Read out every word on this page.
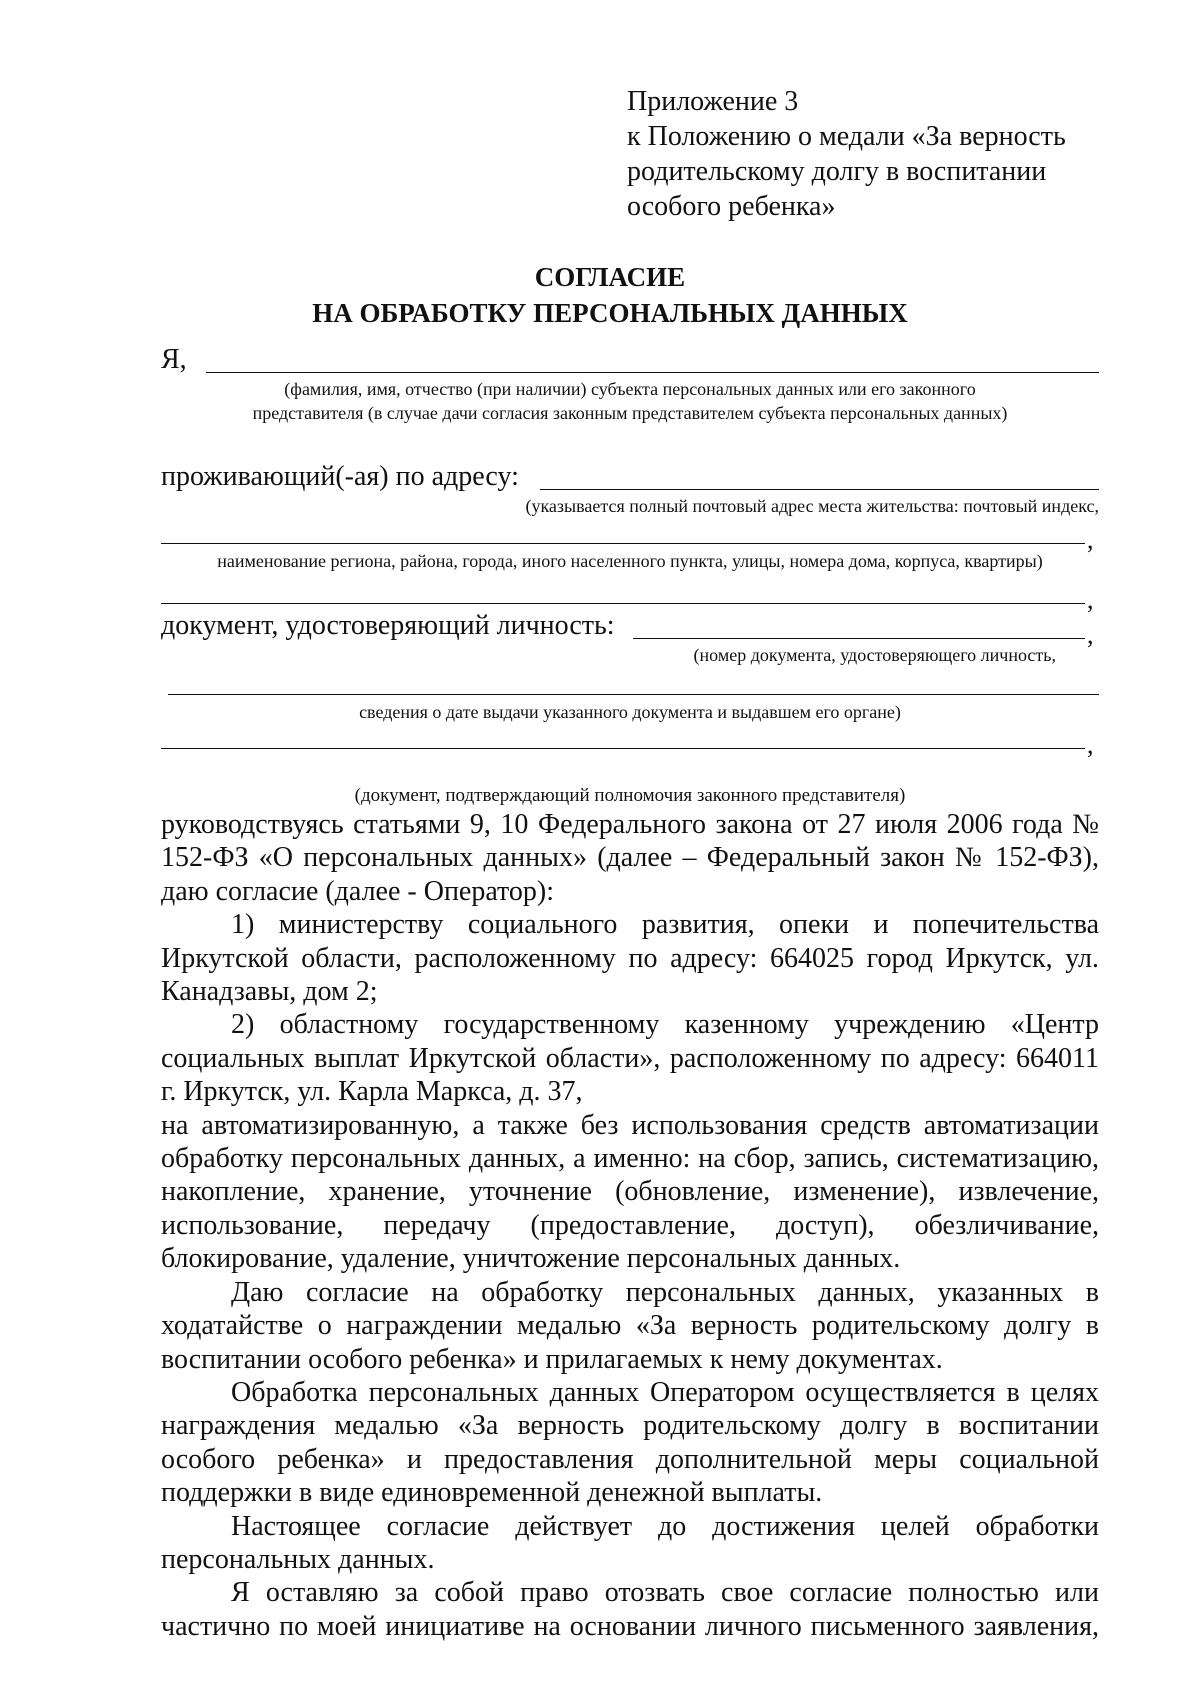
Приложение 3
к Положению о медали «За верность
родительскому долгу в воспитании
особого ребенка»
СОГЛАСИЕ
НА ОБРАБОТКУ ПЕРСОНАЛЬНЫХ ДАННЫХ
Я,
(фамилия, имя, отчество (при наличии) субъекта персональных данных или его законного
представителя (в случае дачи согласия законным представителем субъекта персональных данных)
проживающий(-ая) по адресу:
(указывается полный почтовый адрес места жительства: почтовый индекс,
,
наименование региона, района, города, иного населенного пункта, улицы, номера дома, корпуса, квартиры)
,
документ, удостоверяющий личность:	,
(номер документа, удостоверяющего личность,
сведения о дате выдачи указанного документа и выдавшем его органе)
,
(документ, подтверждающий полномочия законного представителя)

руководствуясь статьями 9, 10 Федерального закона от 27 июля 2006 года № 152-ФЗ «О персональных данных» (далее – Федеральный закон № 152-ФЗ), даю согласие (далее - Оператор):

1) министерству социального развития, опеки и попечительства Иркутской области, расположенному по адресу: 664025 город Иркутск, ул. Канадзавы, дом 2;

2) областному государственному казенному учреждению «Центр социальных выплат Иркутской области», расположенному по адресу: 664011 г. Иркутск, ул. Карла Маркса, д. 37,

на автоматизированную, а также без использования средств автоматизации обработку персональных данных, а именно: на сбор, запись, систематизацию, накопление, хранение, уточнение (обновление, изменение), извлечение, использование, передачу (предоставление, доступ), обезличивание, блокирование, удаление, уничтожение персональных данных.

Даю согласие на обработку персональных данных, указанных в ходатайстве о награждении медалью «За верность родительскому долгу в воспитании особого ребенка» и прилагаемых к нему документах.

Обработка персональных данных Оператором осуществляется в целях награждения медалью «За верность родительскому долгу в воспитании особого ребенка» и предоставления дополнительной меры социальной поддержки в виде единовременной денежной выплаты.

Настоящее согласие действует до достижения целей обработки персональных данных.

Я оставляю за собой право отозвать свое согласие полностью или частично по моей инициативе на основании личного письменного заявления,
